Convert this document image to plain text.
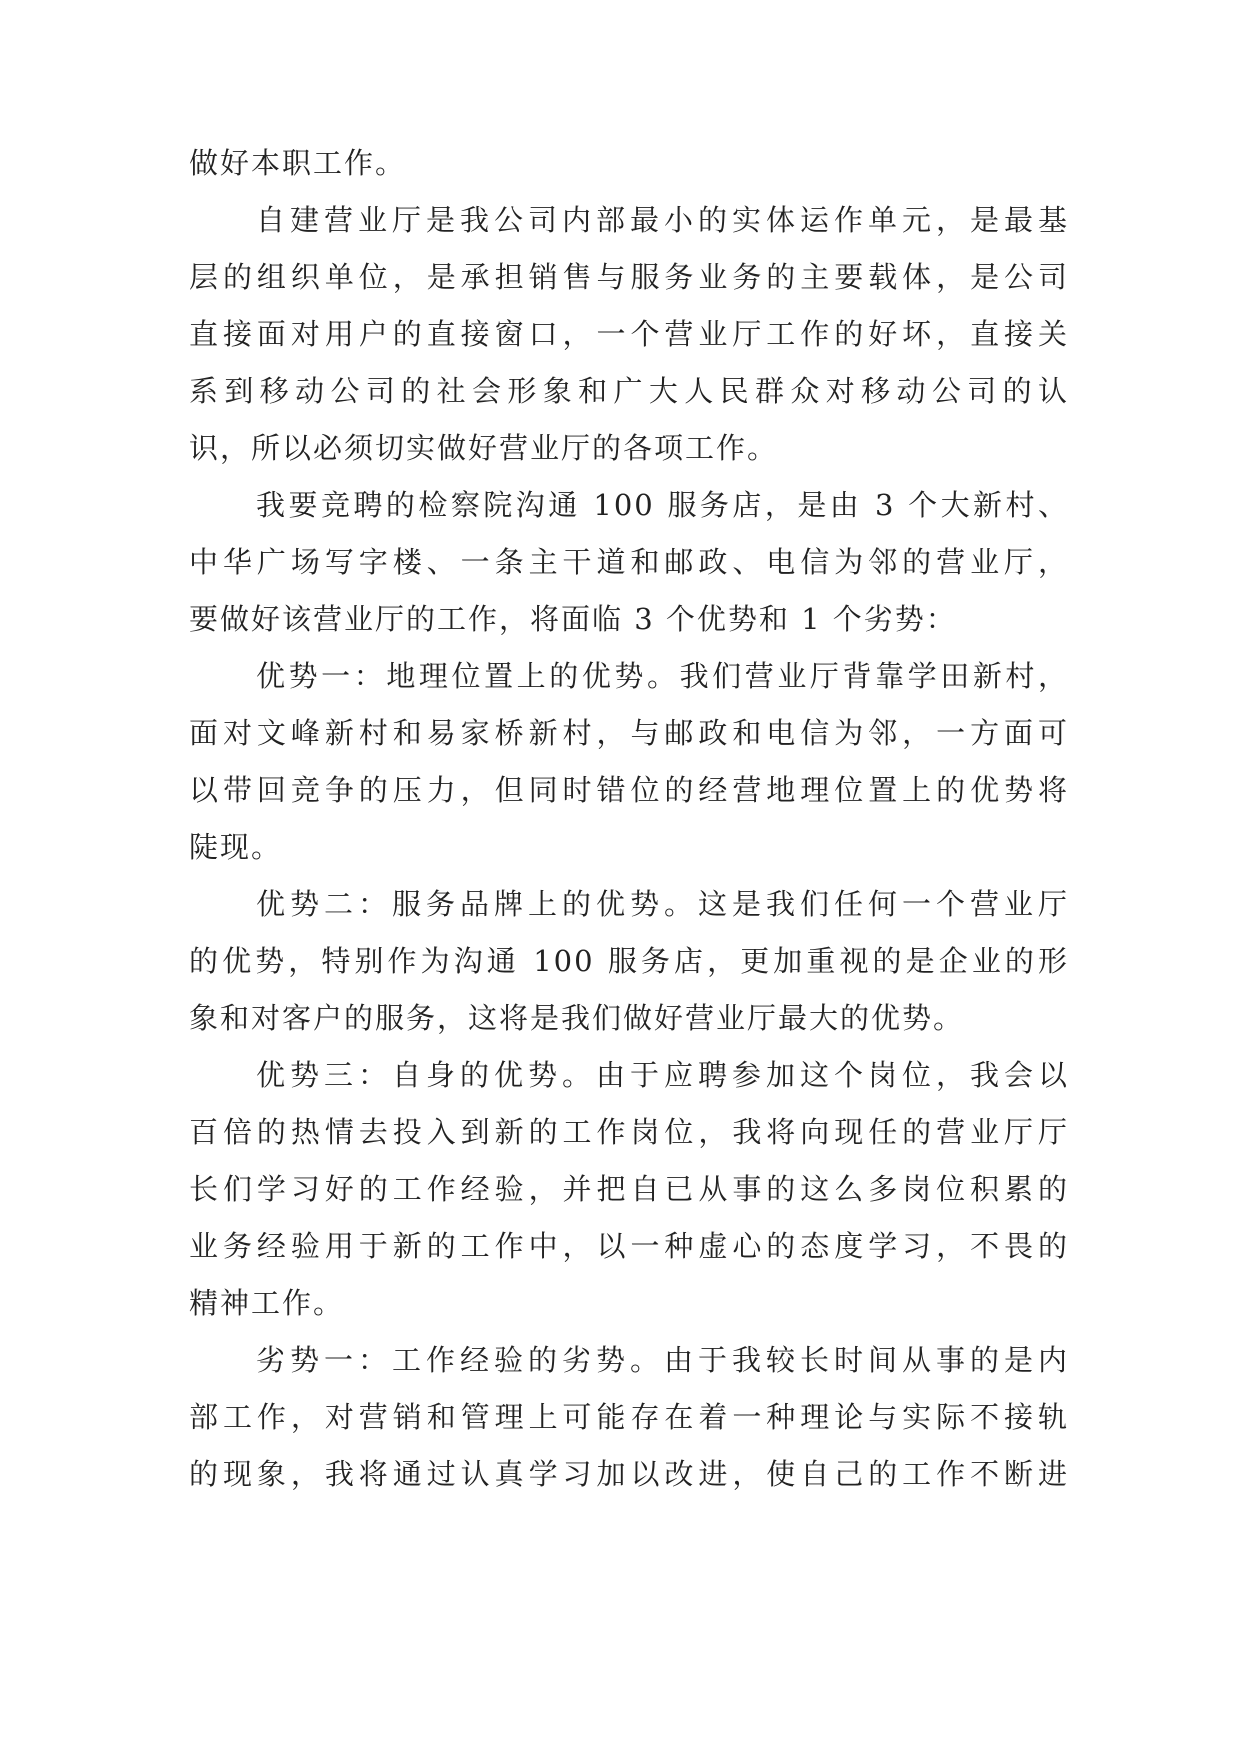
做好本职工作。
自建营业厅是我公司内部最小的实体运作单元，是最基
层的组织单位，是承担销售与服务业务的主要载体，是公司
直接面对用户的直接窗口，一个营业厅工作的好坏，直接关
系到移动公司的社会形象和广大人民群众对移动公司的认
识，所以必须切实做好营业厅的各项工作。
我要竞聘的检察院沟通 100 服务店，是由 3 个大新村、
中华广场写字楼、一条主干道和邮政、电信为邻的营业厅，
要做好该营业厅的工作，将面临 3 个优势和 1 个劣势：
优势一：地理位置上的优势。我们营业厅背靠学田新村，
面对文峰新村和易家桥新村，与邮政和电信为邻，一方面可
以带回竞争的压力，但同时错位的经营地理位置上的优势将
陡现。
优势二：服务品牌上的优势。这是我们任何一个营业厅
的优势，特别作为沟通 100 服务店，更加重视的是企业的形
象和对客户的服务，这将是我们做好营业厅最大的优势。
优势三：自身的优势。由于应聘参加这个岗位，我会以
百倍的热情去投入到新的工作岗位，我将向现任的营业厅厅
长们学习好的工作经验，并把自已从事的这么多岗位积累的
业务经验用于新的工作中，以一种虚心的态度学习，不畏的
精神工作。
劣势一：工作经验的劣势。由于我较长时间从事的是内
部工作，对营销和管理上可能存在着一种理论与实际不接轨
的现象，我将通过认真学习加以改进，使自己的工作不断进
